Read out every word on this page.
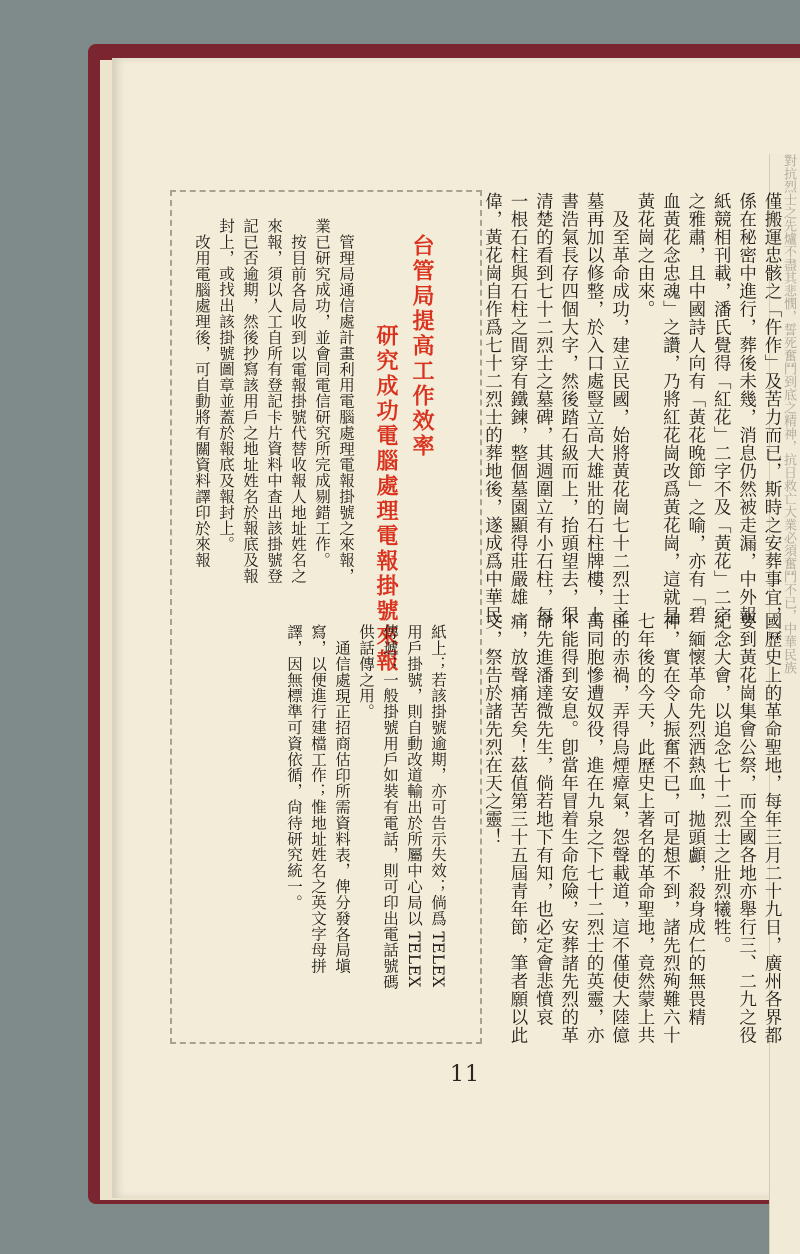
對抗烈士之先爐不盡其悲憫，誓死奮鬥到底之精神，抗日救亡大業必須奮鬥不已，中華民族

僅搬運忠骸之「仵作」及苦力而已，斯時之安葬事宜，係在秘密中進行，葬後未幾，消息仍然被走漏，中外報紙競相刊載，潘氏覺得「紅花」二字不及「黃花」二字之雅肅，且中國詩人向有「黃花晚節」之喻，亦有「碧血黃花念忠魂」之讚，乃將紅花崗改爲黃花崗，這就是黃花崗之由來。

及至革命成功，建立民國，始將黃花崗七十二烈士之墓再加以修整，於入口處豎立高大雄壯的石柱牌樓，上書浩氣長存四個大字，然後踏石級而上，抬頭望去，很清楚的看到七十二烈士之墓碑，其週圍立有小石柱，每一根石柱與石柱之間穿有鐵鍊，整個墓園顯得莊嚴雄偉，黃花崗自作爲七十二烈士的葬地後，遂成爲中華民

國歷史上的革命聖地，每年三月二十九日，廣州各界都要到黃花崗集會公祭，而全國各地亦舉行三、二九之役紀念大會，以追念七十二烈士之壯烈犧牲。

緬懷革命先烈洒熱血，拋頭顱，殺身成仁的無畏精神，實在令人振奮不已，可是想不到，諸先烈殉難六十七年後的今天，此歷史上著名的革命聖地，竟然蒙上共匪的赤禍，弄得烏煙瘴氣，怨聲載道，這不僅使大陸億萬同胞慘遭奴役，進在九泉之下七十二烈士的英靈，亦不能得到安息。卽當年冒着生命危險，安葬諸先烈的革命先進潘達微先生，倘若地下有知，也必定會悲憤哀痛，放聲痛苦矣！茲值第三十五屆青年節，筆者願以此文，祭告於諸先烈在天之靈！

台管局提高工作效率

研究成功電腦處理電報掛號來報

管理局通信處計畫利用電腦處理電報掛號之來報，業已研究成功，並會同電信研究所完成剔錯工作。

按目前各局收到以電報掛號代替收報人地址姓名之來報，須以人工自所有登記卡片資料中査出該掛號登記已否逾期，然後抄寫該用戶之地址姓名於報底及報封上，或找出該掛號圖章並蓋於報底及報封上。

改用電腦處理後，可自動將有關資料譯印於來報

紙上；若該掛號逾期，亦可告示失效；倘爲 TELEX 用戶掛號，則自動改道輸出於所屬中心局以 TELEX 傳遞；一般掛號用戶如裝有電話，則可印出電話號碼供話傳之用。

通信處現正招商估印所需資料表，俾分發各局塡寫，以便進行建檔工作；惟地址姓名之英文字母拼譯，因無標準可資依循，尙待研究統一。

11
